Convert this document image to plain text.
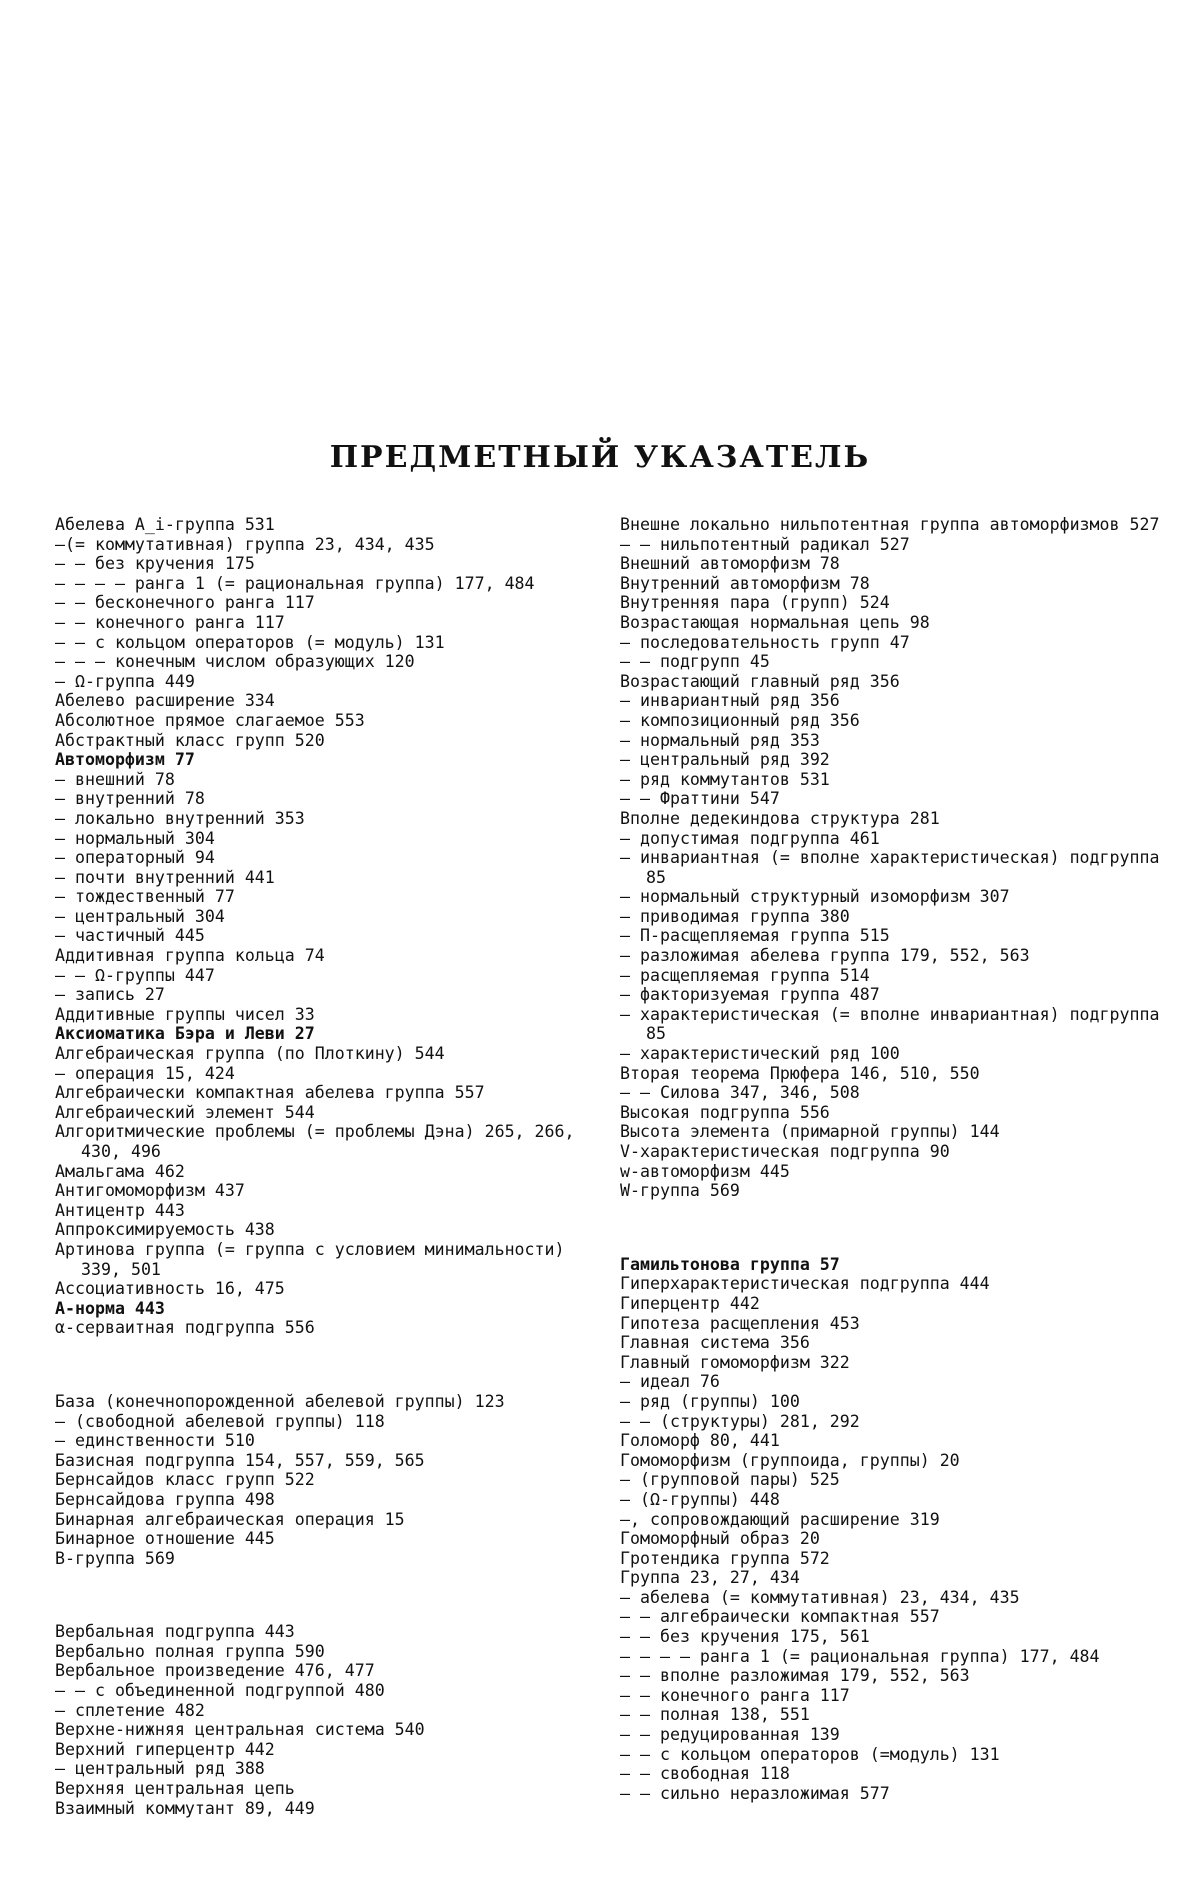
ПРЕДМЕТНЫЙ УКАЗАТЕЛЬ
Абелева A_i-группа 531
—(= коммутативная) группа 23, 434, 435
— — без кручения 175
— — — — ранга 1 (= рациональная группа) 177, 484
— — бесконечного ранга 117
— — конечного ранга 117
— — с кольцом операторов (= модуль) 131
— — — конечным числом образующих 120
— Ω-группа 449
Абелево расширение 334
Абсолютное прямое слагаемое 553
Абстрактный класс групп 520
Автоморфизм 77
— внешний 78
— внутренний 78
— локально внутренний 353
— нормальный 304
— операторный 94
— почти внутренний 441
— тождественный 77
— центральный 304
— частичный 445
Аддитивная группа кольца 74
— — Ω-группы 447
— запись 27
Аддитивные группы чисел 33
Аксиоматика Бэра и Леви 27
Алгебраическая группа (по Плоткину) 544
— операция 15, 424
Алгебраически компактная абелева группа 557
Алгебраический элемент 544
Алгоритмические проблемы (= проблемы Дэна) 265, 266, 430, 496
Амальгама 462
Антигомоморфизм 437
Антицентр 443
Аппроксимируемость 438
Артинова группа (= группа с условием минимальности) 339, 501
Ассоциативность 16, 475
A-норма 443
α-серваитная подгруппа 556
База (конечнопорожденной абелевой группы) 123
— (свободной абелевой группы) 118
— единственности 510
Базисная подгруппа 154, 557, 559, 565
Бернсайдов класс групп 522
Бернсайдова группа 498
Бинарная алгебраическая операция 15
Бинарное отношение 445
B-группа 569
Вербальная подгруппа 443
Вербально полная группа 590
Вербальное произведение 476, 477
— — с объединенной подгруппой 480
— сплетение 482
Верхне-нижняя центральная система 540
Верхний гиперцентр 442
— центральный ряд 388
Верхняя центральная цепь
Взаимный коммутант 89, 449
Внешне локально нильпотентная группа автоморфизмов 527
— — нильпотентный радикал 527
Внешний автоморфизм 78
Внутренний автоморфизм 78
Внутренняя пара (групп) 524
Возрастающая нормальная цепь 98
— последовательность групп 47
— — подгрупп 45
Возрастающий главный ряд 356
— инвариантный ряд 356
— композиционный ряд 356
— нормальный ряд 353
— центральный ряд 392
— ряд коммутантов 531
— — Фраттини 547
Вполне дедекиндова структура 281
— допустимая подгруппа 461
— инвариантная (= вполне характеристическая) подгруппа 85
— нормальный структурный изоморфизм 307
— приводимая группа 380
— П-расщепляемая группа 515
— разложимая абелева группа 179, 552, 563
— расщепляемая группа 514
— факторизуемая группа 487
— характеристическая (= вполне инвариантная) подгруппа 85
— характеристический ряд 100
Вторая теорема Прюфера 146, 510, 550
— — Силова 347, 346, 508
Высокая подгруппа 556
Высота элемента (примарной группы) 144
V-характеристическая подгруппа 90
w-автоморфизм 445
W-группа 569
Гамильтонова группа 57
Гиперхарактеристическая подгруппа 444
Гиперцентр 442
Гипотеза расщепления 453
Главная система 356
Главный гомоморфизм 322
— идеал 76
— ряд (группы) 100
— — (структуры) 281, 292
Голоморф 80, 441
Гомоморфизм (группоида, группы) 20
— (групповой пары) 525
— (Ω-группы) 448
—, сопровождающий расширение 319
Гомоморфный образ 20
Гротендика группа 572
Группа 23, 27, 434
— абелева (= коммутативная) 23, 434, 435
— — алгебраически компактная 557
— — без кручения 175, 561
— — — — ранга 1 (= рациональная группа) 177, 484
— — вполне разложимая 179, 552, 563
— — конечного ранга 117
— — полная 138, 551
— — редуцированная 139
— — с кольцом операторов (=модуль) 131
— — свободная 118
— — сильно неразложимая 577
